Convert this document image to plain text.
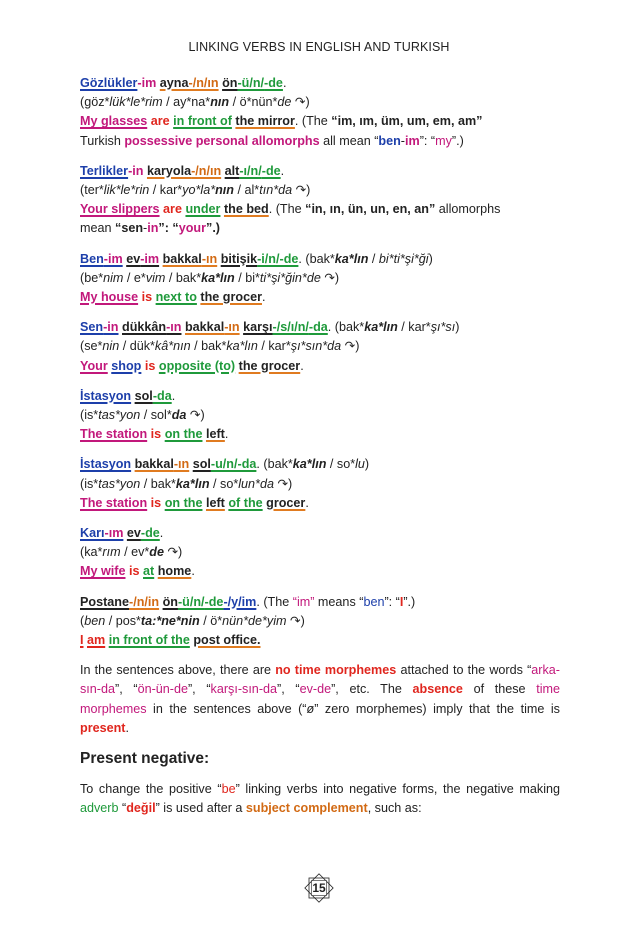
LINKING VERBS IN ENGLISH AND TURKISH
Gözlükler-im ayna-/n/ın ön-ü/n/-de.
(göz*lük*le*rim / ay*na*nın / ö*nün*de ↷)
My glasses are in front of the mirror. (The “im, ım, üm, um, em, am”
Turkish possessive personal allomorphs all mean “ben-im”: “my”.)
Terlikler-in karyola-/n/ın alt-ı/n/-de.
(ter*lik*le*rin / kar*yo*la*nın / al*tın*da ↷)
Your slippers are under the bed. (The “in, ın, ün, un, en, an” allomorphs
mean “sen-in”: “your”.)
Ben-im ev-im bakkal-ın bitişik-i/n/-de. (bak*ka*lın / bi*ti*şi*ği)
(be*nim / e*vim / bak*ka*lın / bi*ti*şi*ğin*de ↷)
My house is next to the grocer.
Sen-in dükkân-ın bakkal-ın karşı-/s/ı/n/-da. (bak*ka*lın / kar*şı*sı)
(se*nin / dük*kâ*nın / bak*ka*lın / kar*şı*sın*da ↷)
Your shop is opposite (to) the grocer.
İstasyon sol-da.
(is*tas*yon / sol*da ↷)
The station is on the left.
İstasyon bakkal-ın sol-u/n/-da. (bak*ka*lın / so*lu)
(is*tas*yon / bak*ka*lın / so*lun*da ↷)
The station is on the left of the grocer.
Karı-ım ev-de.
(ka*rım / ev*de ↷)
My wife is at home.
Postane-/n/in ön-ü/n/-de-/y/im. (The “im” means “ben”: “I”.)
(ben / pos*ta:*ne*nin / ö*nün*de*yim ↷)
I am in front of the post office.
In the sentences above, there are no time morphemes attached to the words “arka-sın-da”, “ön-ün-de”, “karşı-sın-da”, “ev-de”, etc. The absence of these time morphemes in the sentences above (“ø” zero morphemes) imply that the time is present.
Present negative:
To change the positive “be” linking verbs into negative forms, the negative making adverb “değil” is used after a subject complement, such as:
15
